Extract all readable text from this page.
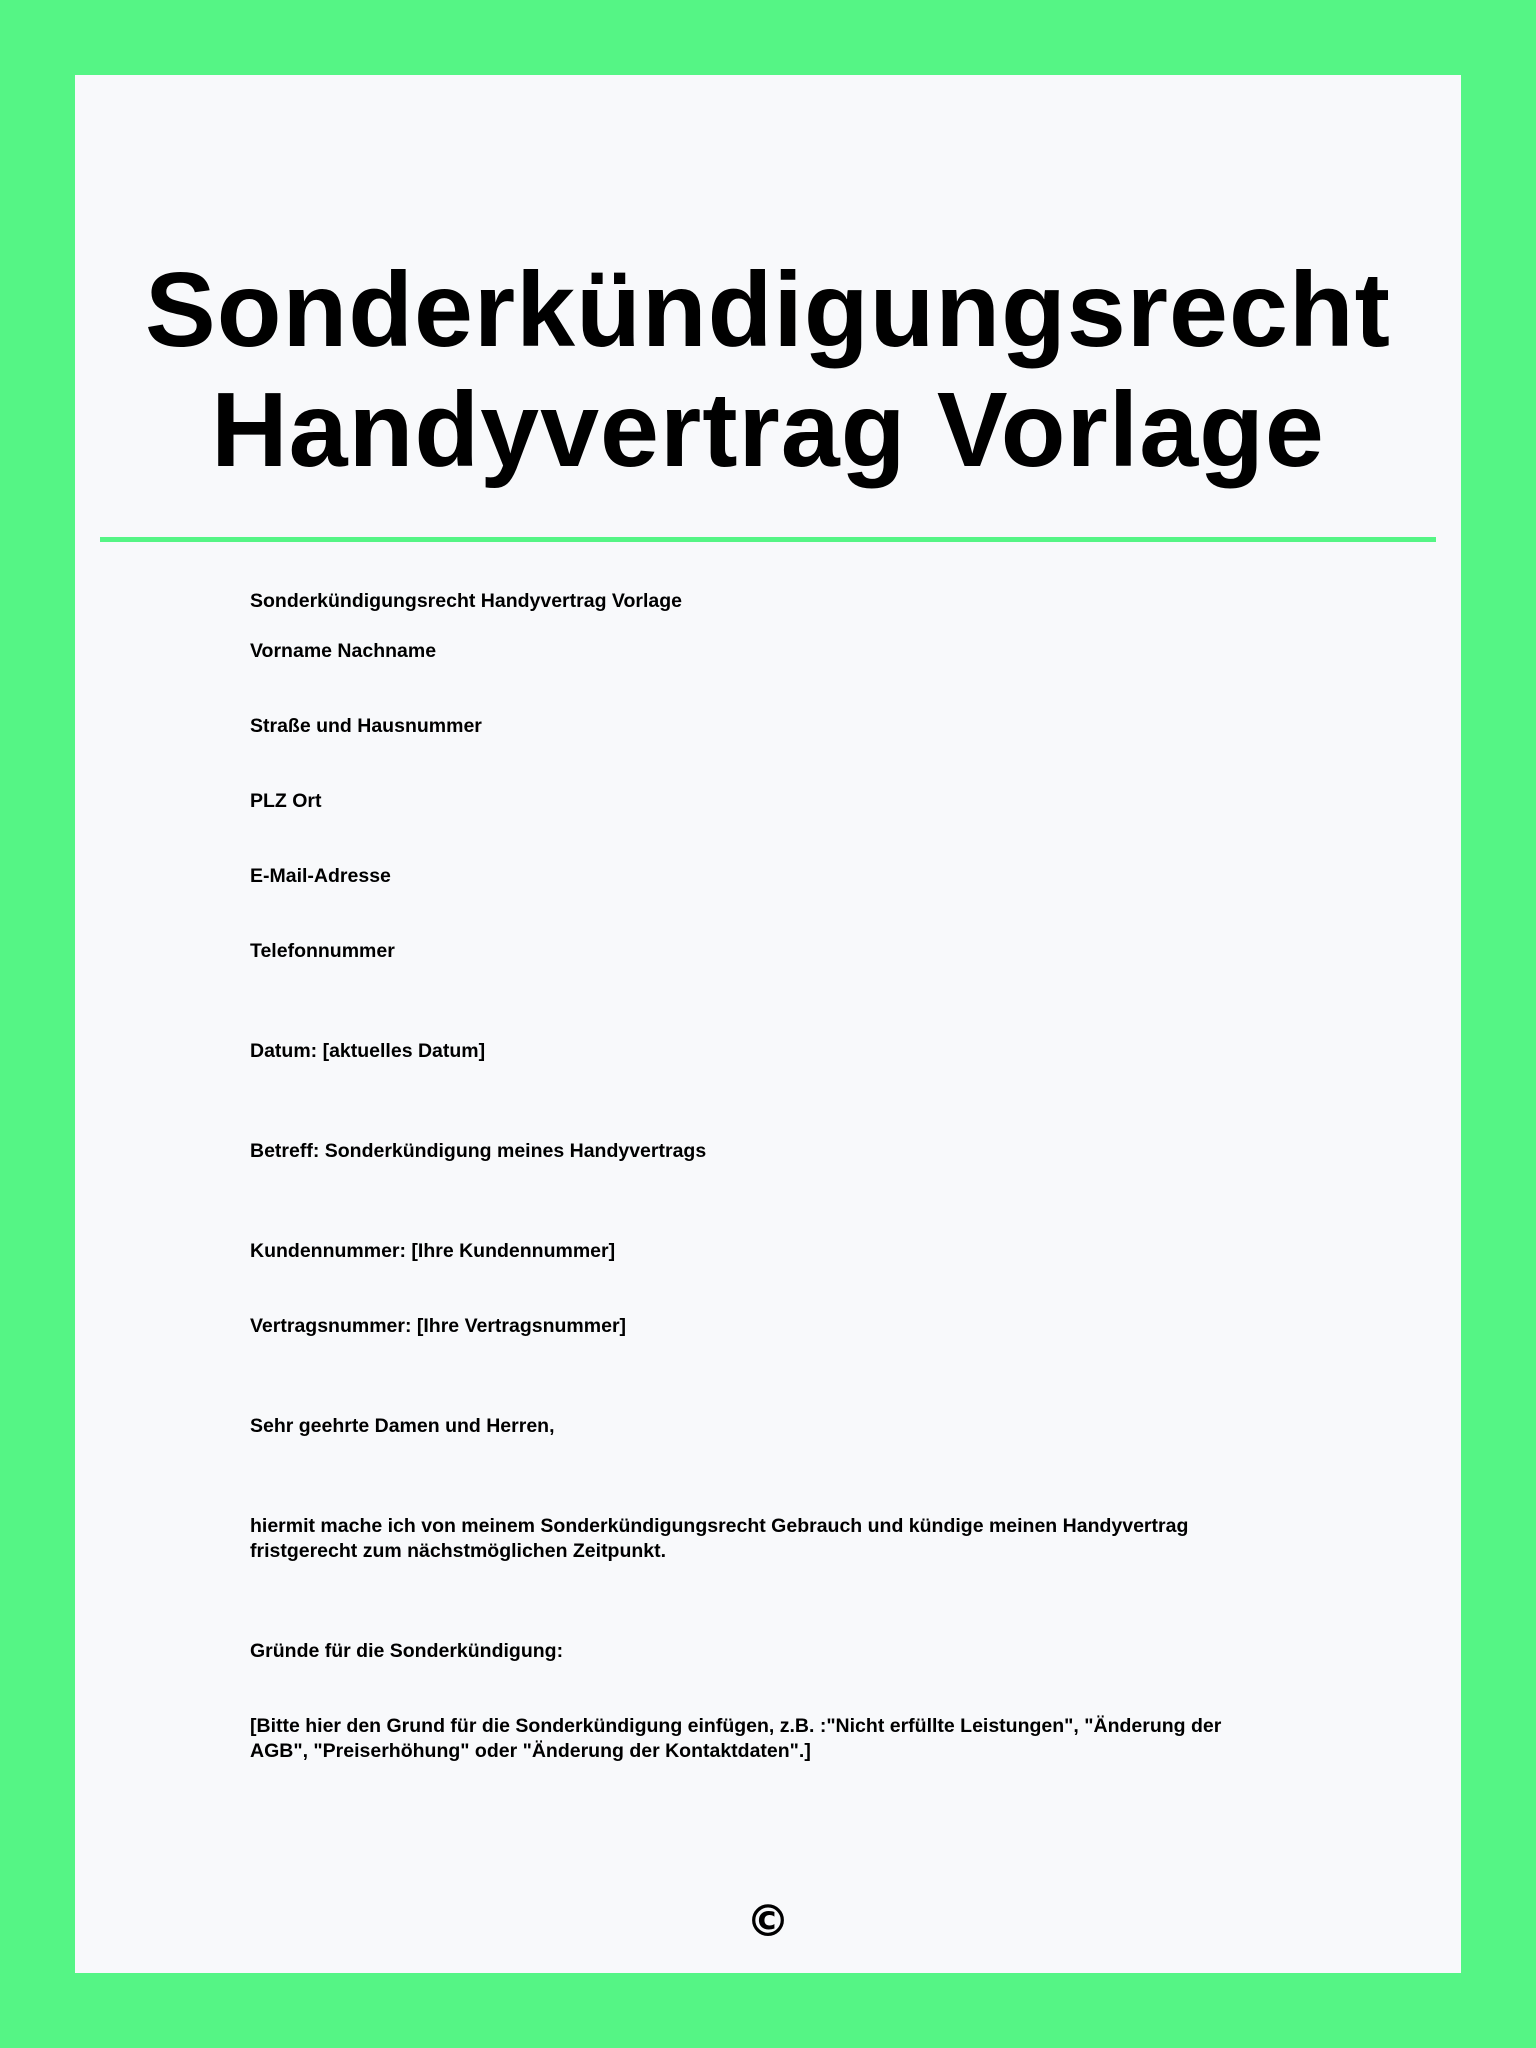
Sonderkündigungsrecht Handyvertrag Vorlage
Sonderkündigungsrecht Handyvertrag Vorlage
Vorname Nachname
Straße und Hausnummer
PLZ Ort
E-Mail-Adresse
Telefonnummer
Datum: [aktuelles Datum]
Betreff: Sonderkündigung meines Handyvertrags
Kundennummer: [Ihre Kundennummer]
Vertragsnummer: [Ihre Vertragsnummer]
Sehr geehrte Damen und Herren,
hiermit mache ich von meinem Sonderkündigungsrecht Gebrauch und kündige meinen Handyvertrag
fristgerecht zum nächstmöglichen Zeitpunkt.
Gründe für die Sonderkündigung:
[Bitte hier den Grund für die Sonderkündigung einfügen, z.B. :"Nicht erfüllte Leistungen", "Änderung der
AGB", "Preiserhöhung" oder "Änderung der Kontaktdaten".]
©
